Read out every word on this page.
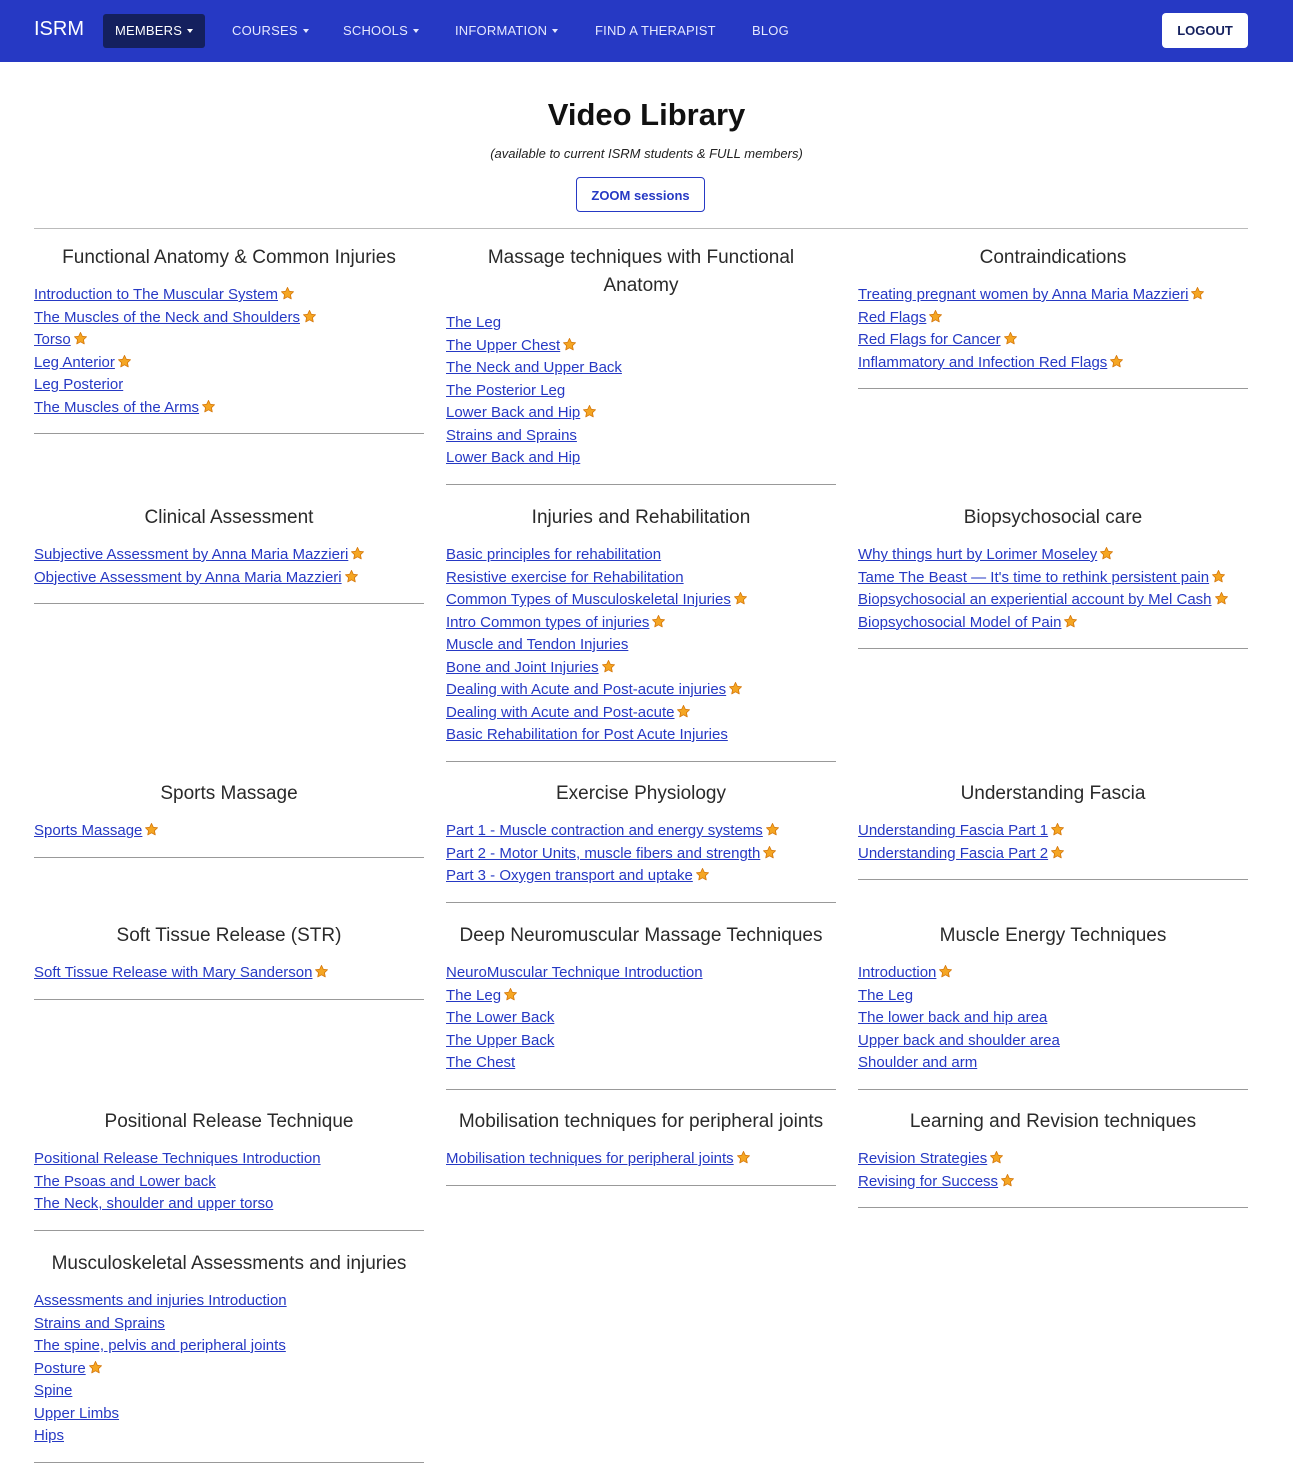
ISRM	MEMBERS	COURSES	SCHOOLS	INFORMATION	FIND A THERAPIST	BLOG	LOGOUT
Video Library
(available to current ISRM students & FULL members)
ZOOM sessions
Functional Anatomy & Common Injuries
Introduction to The Muscular System
The Muscles of the Neck and Shoulders
Torso
Leg Anterior
Leg Posterior
The Muscles of the Arms
Massage techniques with Functional Anatomy
The Leg
The Upper Chest
The Neck and Upper Back
The Posterior Leg
Lower Back and Hip
Strains and Sprains
Lower Back and Hip
Contraindications
Treating pregnant women by Anna Maria Mazzieri
Red Flags
Red Flags for Cancer
Inflammatory and Infection Red Flags
Clinical Assessment
Subjective Assessment by Anna Maria Mazzieri
Objective Assessment by Anna Maria Mazzieri
Injuries and Rehabilitation
Basic principles for rehabilitation
Resistive exercise for Rehabilitation
Common Types of Musculoskeletal Injuries
Intro Common types of injuries
Muscle and Tendon Injuries
Bone and Joint Injuries
Dealing with Acute and Post-acute injuries
Dealing with Acute and Post-acute
Basic Rehabilitation for Post Acute Injuries
Biopsychosocial care
Why things hurt by Lorimer Moseley
Tame The Beast — It's time to rethink persistent pain
Biopsychosocial an experiential account by Mel Cash
Biopsychosocial Model of Pain
Sports Massage
Sports Massage
Exercise Physiology
Part 1 - Muscle contraction and energy systems
Part 2 - Motor Units, muscle fibers and strength
Part 3 - Oxygen transport and uptake
Understanding Fascia
Understanding Fascia Part 1
Understanding Fascia Part 2
Soft Tissue Release (STR)
Soft Tissue Release with Mary Sanderson
Deep Neuromuscular Massage Techniques
NeuroMuscular Technique Introduction
The Leg
The Lower Back
The Upper Back
The Chest
Muscle Energy Techniques
Introduction
The Leg
The lower back and hip area
Upper back and shoulder area
Shoulder and arm
Positional Release Technique
Positional Release Techniques Introduction
The Psoas and Lower back
The Neck, shoulder and upper torso
Mobilisation techniques for peripheral joints
Mobilisation techniques for peripheral joints
Learning and Revision techniques
Revision Strategies
Revising for Success
Musculoskeletal Assessments and injuries
Assessments and injuries Introduction
Strains and Sprains
The spine, pelvis and peripheral joints
Posture
Spine
Upper Limbs
Hips
